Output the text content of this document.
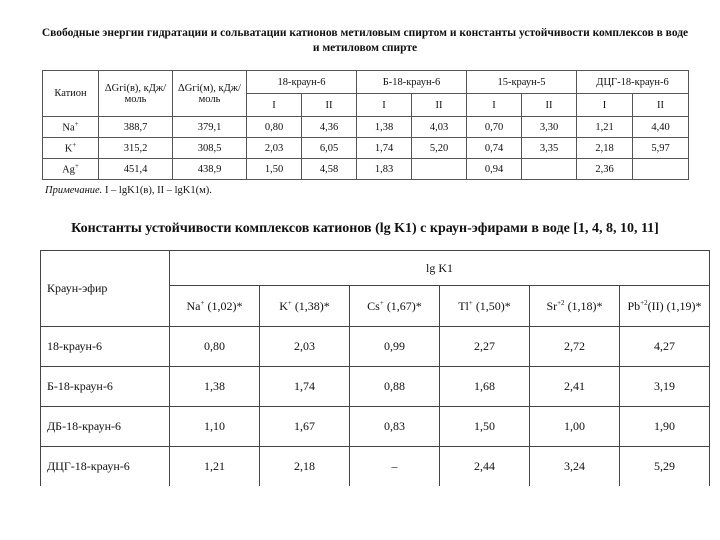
Свободные энергии гидратации и сольватации катионов метиловым спиртом и константы устойчивости комплексов в воде и метиловом спирте
Катион	ΔGгi(в), кДж/моль	ΔGгi(м), кДж/моль	18-краун-6		Б-18-краун-6		15-краун-5		ДЦГ-18-краун-6	
			I	II	I	II	I	II	I	II
Na+	388,7	379,1	0,80	4,36	1,38	4,03	0,70	3,30	1,21	4,40
K+	315,2	308,5	2,03	6,05	1,74	5,20	0,74	3,35	2,18	5,97
Ag+	451,4	438,9	1,50	4,58	1,83		0,94		2,36	
Примечание. I – lgK1(в), II – lgK1(м).
Константы устойчивости комплексов катионов (lg K1) с краун-эфирами в воде [1, 4, 8, 10, 11]
Краун-эфир	lg K1					
	Na+ (1,02)*	K+ (1,38)*	Cs+ (1,67)*	Tl+ (1,50)*	$Sr^{+2}$ (1,18)*	$Pb^{+2}(II)$ (1,19)*
18-краун-6	0,80	2,03	0,99	2,27	2,72	4,27
Б-18-краун-6	1,38	1,74	0,88	1,68	2,41	3,19
ДБ-18-краун-6	1,10	1,67	0,83	1,50	1,00	1,90
ДЦГ-18-краун-6	1,21	2,18	–	2,44	3,24	5,29
